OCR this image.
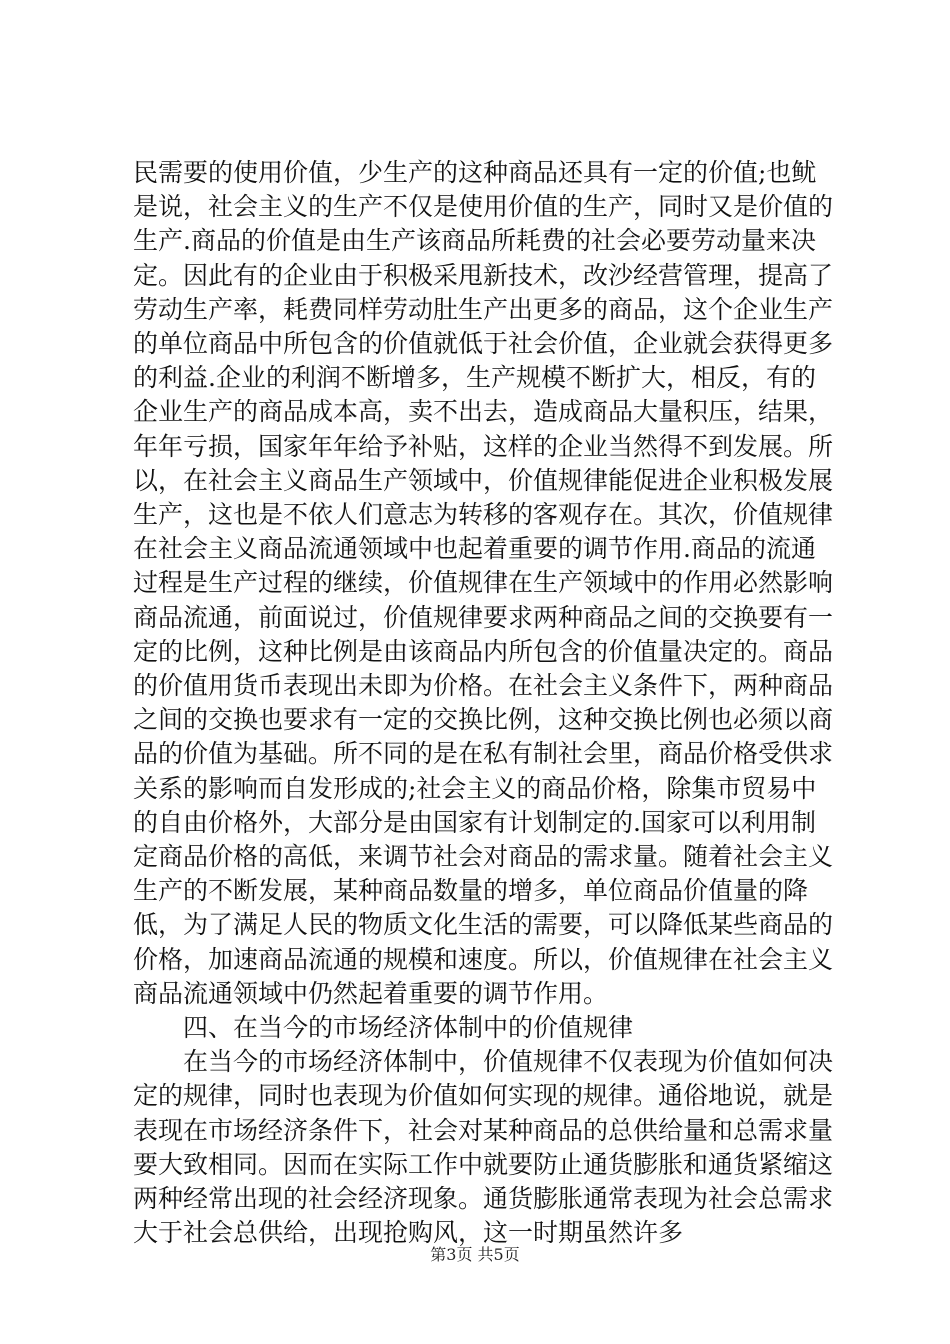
民需要的使用价值，少生产的这种商品还具有一定的价值;也鱿是说，社会主义的生产不仅是使用价值的生产，同时又是价值的生产.商品的价值是由生产该商品所耗费的社会必要劳动量来决定。因此有的企业由于积极采甩新技术，改沙经营管理，提高了劳动生产率，耗费同样劳动肚生产出更多的商品，这个企业生产的单位商品中所包含的价值就低于社会价值，企业就会获得更多的利益.企业的利润不断增多，生产规模不断扩大，相反，有的企业生产的商品成本高，卖不出去，造成商品大量积压，结果，年年亏损，国家年年给予补贴，这样的企业当然得不到发展。所以，在社会主义商品生产领域中，价值规律能促进企业积极发展生产，这也是不依人们意志为转移的客观存在。其次，价值规律在社会主义商品流通领域中也起着重要的调节作用.商品的流通过程是生产过程的继续，价值规律在生产领域中的作用必然影响商品流通，前面说过，价值规律要求两种商品之间的交换要有一定的比例，这种比例是由该商品内所包含的价值量决定的。商品的价值用货币表现出未即为价格。在社会主义条件下，两种商品之间的交换也要求有一定的交换比例，这种交换比例也必须以商品的价值为基础。所不同的是在私有制社会里，商品价格受供求关系的影响而自发形成的;社会主义的商品价格，除集市贸易中的自由价格外，大部分是由国家有计划制定的.国家可以利用制定商品价格的高低，来调节社会对商品的需求量。随着社会主义生产的不断发展，某种商品数量的增多，单位商品价值量的降低，为了满足人民的物质文化生活的需要，可以降低某些商品的价格，加速商品流通的规模和速度。所以，价值规律在社会主义商品流通领域中仍然起着重要的调节作用。

四、在当今的市场经济体制中的价值规律

在当今的市场经济体制中，价值规律不仅表现为价值如何决定的规律，同时也表现为价值如何实现的规律。通俗地说，就是表现在市场经济条件下，社会对某种商品的总供给量和总需求量要大致相同。因而在实际工作中就要防止通货膨胀和通货紧缩这两种经常出现的社会经济现象。通货膨胀通常表现为社会总需求大于社会总供给，出现抢购风，这一时期虽然许多

第3页 共5页
